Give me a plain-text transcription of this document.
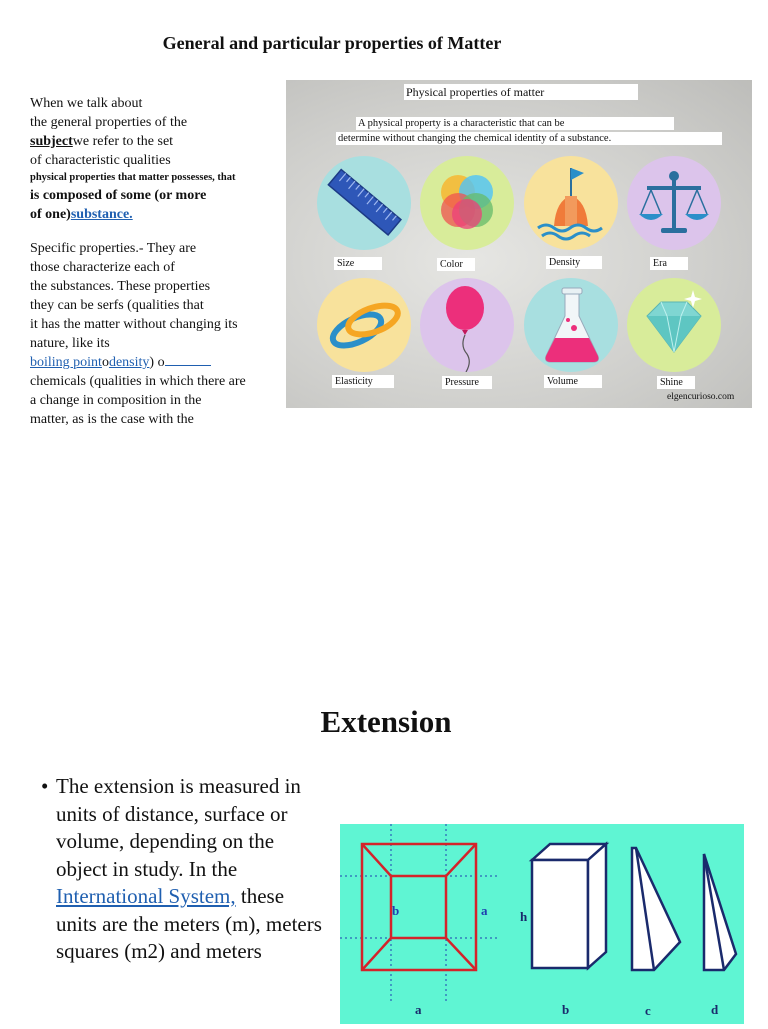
General and particular properties of Matter
When we talk about
the general properties of the
subjectwe refer to the set
of characteristic qualities
physical properties that matter possesses, that
is composed of some (or more
of one)substance.
Specific properties.- They are
those characterize each of
the substances. These properties
they can be serfs (qualities that
it has the matter without changing its
nature, like its
boiling pointodensity) o
chemicals (qualities in which there are
a change in composition in the
matter, as is the case with the
Physical properties of matter
A physical property is a characteristic that can be
determine without changing the chemical identity of a substance.
Size	Color	Density	Era
Elasticity	Pressure	Volume	Shine
elgencurioso.com
Extension
• The extension is measured in units of distance, surface or volume, depending on the object in study. In the International System, these units are the meters (m), meters squares (m2) and meters
b	a
a
h
b	c	d
